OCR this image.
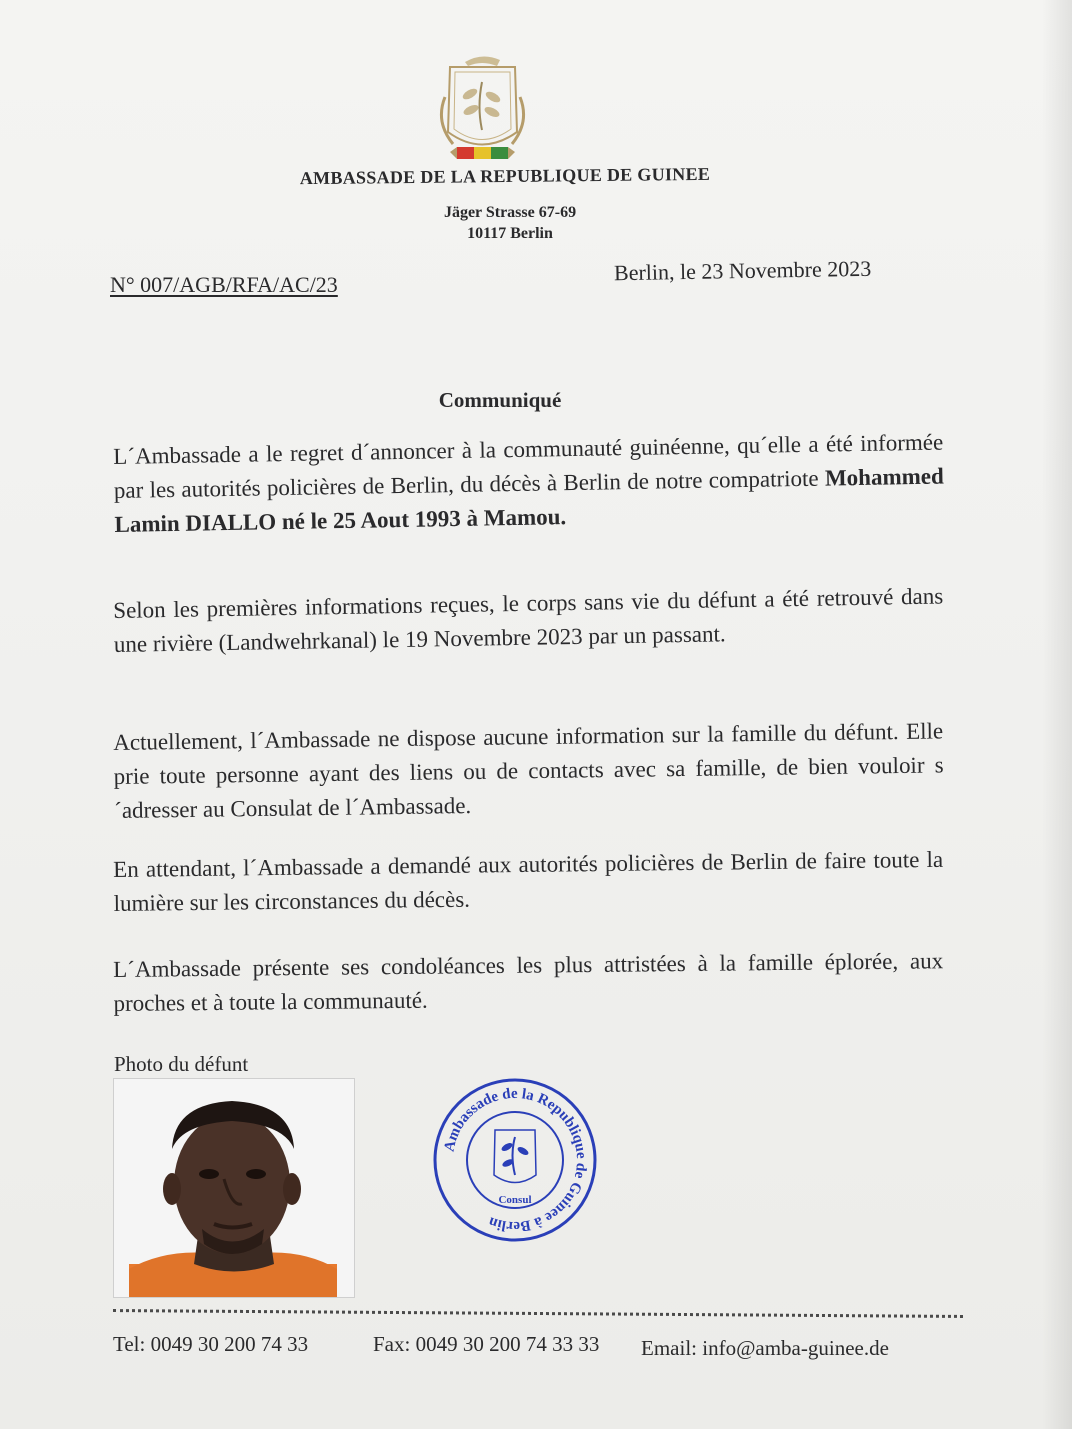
AMBASSADE DE LA REPUBLIQUE DE GUINEE
Jäger Strasse 67-69
10117 Berlin
N° 007/AGB/RFA/AC/23	Berlin, le 23 Novembre 2023
Communiqué
L´Ambassade a le regret d´annoncer à la communauté guinéenne, qu´elle a été informée par les autorités policières de Berlin, du décès à Berlin de notre compatriote Mohammed Lamin DIALLO né le 25 Aout 1993 à Mamou.
Selon les premières informations reçues, le corps sans vie du défunt a été retrouvé dans une rivière (Landwehrkanal) le 19 Novembre 2023 par un passant.
Actuellement, l´Ambassade ne dispose aucune information sur la famille du défunt. Elle prie toute personne ayant des liens ou de contacts avec sa famille, de bien vouloir s´adresser au Consulat de l´Ambassade.
En attendant, l´Ambassade a demandé aux autorités policières de Berlin de faire toute la lumière sur les circonstances du décès.
L´Ambassade présente ses condoléances les plus attristées à la famille éplorée, aux proches et à toute la communauté.
Photo du défunt
Ambassade de la Republique de Guinee à Berlin
Consul
Tel: 0049 30 200 74 33	Fax: 0049 30 200 74 33 33 Email: info@amba-guinee.de
